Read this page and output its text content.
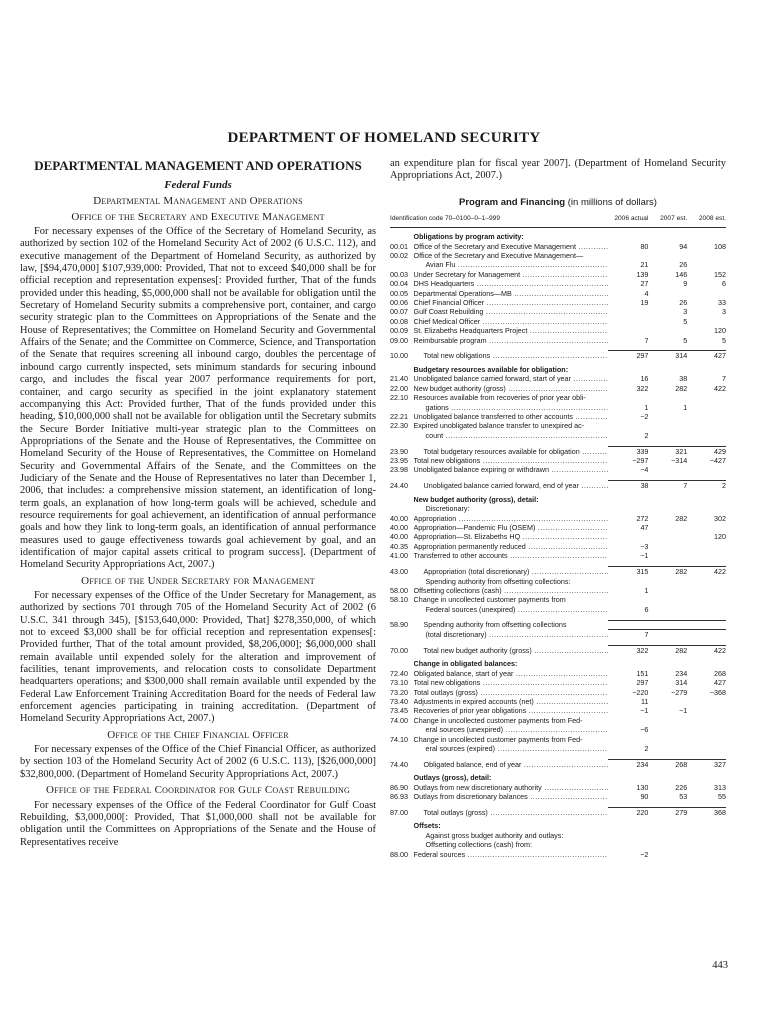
DEPARTMENT OF HOMELAND SECURITY
DEPARTMENTAL MANAGEMENT AND OPERATIONS
Federal Funds
Departmental Management and Operations
Office of the Secretary and Executive Management

For necessary expenses of the Office of the Secretary of Homeland Security, as authorized by section 102 of the Homeland Security Act of 2002 (6 U.S.C. 112), and executive management of the Department of Homeland Security, as authorized by law, [$94,470,000] $107,939,000: Provided, That not to exceed $40,000 shall be for official reception and representation expenses[: Provided further, That of the funds provided under this heading, $5,000,000 shall not be available for obligation until the Secretary of Homeland Security submits a comprehensive port, container, and cargo security strategic plan to the Committees on Appropriations of the Senate and the House of Representatives; the Committee on Homeland Security and Governmental Affairs of the Senate; and the Committee on Commerce, Science, and Transportation of the Senate that requires screening all inbound cargo, doubles the percentage of inbound cargo currently inspected, sets minimum standards for securing inbound cargo, and includes the fiscal year 2007 performance requirements for port, container, and cargo security as specified in the joint explanatory statement accompanying this Act: Provided further, That of the funds provided under this heading, $10,000,000 shall not be available for obligation until the Secretary submits the Secure Border Initiative multi-year strategic plan to the Committees on Appropriations of the Senate and the House of Representatives, the Committee on Homeland Security of the House of Representatives, the Committee on Homeland Security and Governmental Affairs of the Senate, and the Committees on the Judiciary of the Senate and the House of Representatives no later than December 1, 2006, that includes: a comprehensive mission statement, an identification of long-term goals, an explanation of how long-term goals will be achieved, schedule and resource requirements for goal achievement, an identification of annual performance goals and how they link to long-term goals, an identification of annual performance measures used to gauge effectiveness towards goal achievement by goal, and an identification of major capital assets critical to program success]. (Department of Homeland Security Appropriations Act, 2007.)

Office of the Under Secretary for Management

For necessary expenses of the Office of the Under Secretary for Management, as authorized by sections 701 through 705 of the Homeland Security Act of 2002 (6 U.S.C. 341 through 345), [$153,640,000: Provided, That] $278,350,000, of which not to exceed $3,000 shall be for official reception and representation expenses[: Provided further, That of the total amount provided, $8,206,000]; $6,000,000 shall remain available until expended solely for the alteration and improvement of facilities, tenant improvements, and relocation costs to consolidate Department headquarters operations; and $300,000 shall remain available until expended by the Federal Law Enforcement Training Accreditation Board for the needs of Federal law enforcement agencies participating in training accreditation. (Department of Homeland Security Appropriations Act, 2007.)

Office of the Chief Financial Officer

For necessary expenses of the Office of the Chief Financial Officer, as authorized by section 103 of the Homeland Security Act of 2002 (6 U.S.C. 113), [$26,000,000] $32,800,000. (Department of Homeland Security Appropriations Act, 2007.)

Office of the Federal Coordinator for Gulf Coast Rebuilding

For necessary expenses of the Office of the Federal Coordinator for Gulf Coast Rebuilding, $3,000,000[: Provided, That $1,000,000 shall not be available for obligation until the Committees on Appropriations of the Senate and the House of Representatives receive

an expenditure plan for fiscal year 2007]. (Department of Homeland Security Appropriations Act, 2007.)

Program and Financing (in millions of dollars)
Identification code 70–0100–0–1–999		2006 actual	2007 est.	2008 est.
	Obligations by program activity:			
00.01	Office of the Secretary and Executive Management .....	80	94	108
00.02	Office of the Secretary and Executive Management—			
	Avian Flu .....	21	26	
00.03	Under Secretary for Management .....	139	146	152
00.04	DHS Headquarters .....	27	9	6
00.05	Departmental Operations—MB .....	4		
00.06	Chief Financial Officer .....	19	26	33
00.07	Gulf Coast Rebuilding .....		3	3
00.08	Chief Medical Officer .....		5	
00.09	St. Elizabeths Headquarters Project .....			120
09.00	Reimbursable program .....	7	5	5

10.00	Total new obligations .....	297	314	427
	Budgetary resources available for obligation:			
21.40	Unobligated balance carried forward, start of year .....	16	38	7
22.00	New budget authority (gross) .....	322	282	422
22.10	Resources available from recoveries of prior year obli-			
	gations .....	1	1	
22.21	Unobligated balance transferred to other accounts .....	−2		
22.30	Expired unobligated balance transfer to unexpired ac-			
	count .....	2		

23.90	Total budgetary resources available for obligation .....	339	321	429
23.95	Total new obligations .....	−297	−314	−427
23.98	Unobligated balance expiring or withdrawn .....	−4		

24.40	Unobligated balance carried forward, end of year .....	38	7	2
	New budget authority (gross), detail:			
	Discretionary:			
40.00	Appropriation .....	272	282	302
40.00	Appropriation—Pandemic Flu (OSEM) .....	47		
40.00	Appropriation—St. Elizabeths HQ .....			120
40.35	Appropriation permanently reduced .....	−3		
41.00	Transferred to other accounts .....	−1		

43.00	Appropriation (total discretionary) .....	315	282	422
	Spending authority from offsetting collections:			
58.00	Offsetting collections (cash) .....	1		
58.10	Change in uncollected customer payments from			
	Federal sources (unexpired) .....	6		

58.90	Spending authority from offsetting collections			
	(total discretionary) .....	7		

70.00	Total new budget authority (gross) .....	322	282	422
	Change in obligated balances:			
72.40	Obligated balance, start of year .....	151	234	268
73.10	Total new obligations .....	297	314	427
73.20	Total outlays (gross) .....	−220	−279	−368
73.40	Adjustments in expired accounts (net) .....	11		
73.45	Recoveries of prior year obligations .....	−1	−1	
74.00	Change in uncollected customer payments from Fed-			
	eral sources (unexpired) .....	−6		
74.10	Change in uncollected customer payments from Fed-			
	eral sources (expired) .....	2		

74.40	Obligated balance, end of year .....	234	268	327
	Outlays (gross), detail:			
86.90	Outlays from new discretionary authority .....	130	226	313
86.93	Outlays from discretionary balances .....	90	53	55

87.00	Total outlays (gross) .....	220	279	368
	Offsets:			
	Against gross budget authority and outlays:			
	Offsetting collections (cash) from:			
88.00	Federal sources .....	−2		
443
